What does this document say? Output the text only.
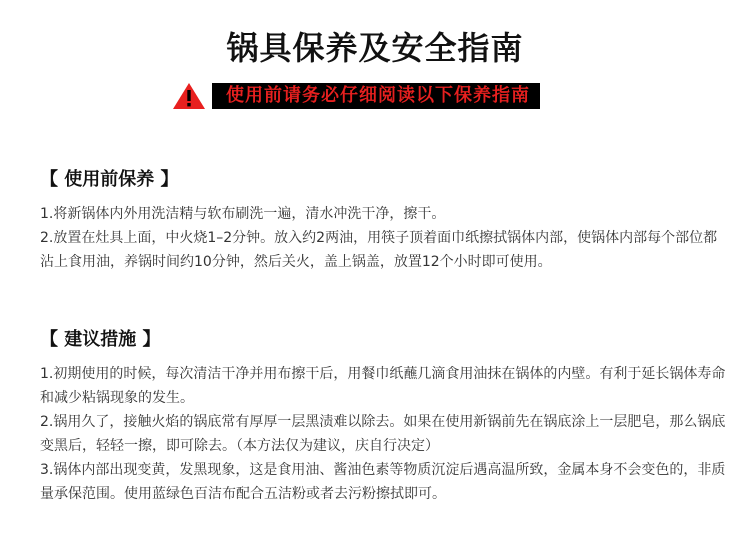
锅具保养及安全指南
使用前请务必仔细阅读以下保养指南
【 使用前保养 】
1.将新锅体内外用洗洁精与软布刷洗一遍，清水冲洗干净，擦干。
2.放置在灶具上面，中火烧1–2分钟。放入约2两油，用筷子顶着面巾纸擦拭锅体内部，使锅体内部每个部位都沾上食用油，养锅时间约10分钟，然后关火，盖上锅盖，放置12个小时即可使用。
【 建议措施 】
1.初期使用的时候，每次清洁干净并用布擦干后，用餐巾纸蘸几滴食用油抹在锅体的内壁。有利于延长锅体寿命和减少粘锅现象的发生。
2.锅用久了，接触火焰的锅底常有厚厚一层黑渍难以除去。如果在使用新锅前先在锅底涂上一层肥皂，那么锅底变黑后，轻轻一擦，即可除去。（本方法仅为建议，庆自行决定）
3.锅体内部出现变黄，发黑现象，这是食用油、酱油色素等物质沉淀后遇高温所致，金属本身不会变色的，非质量承保范围。使用蓝绿色百洁布配合五洁粉或者去污粉擦拭即可。
